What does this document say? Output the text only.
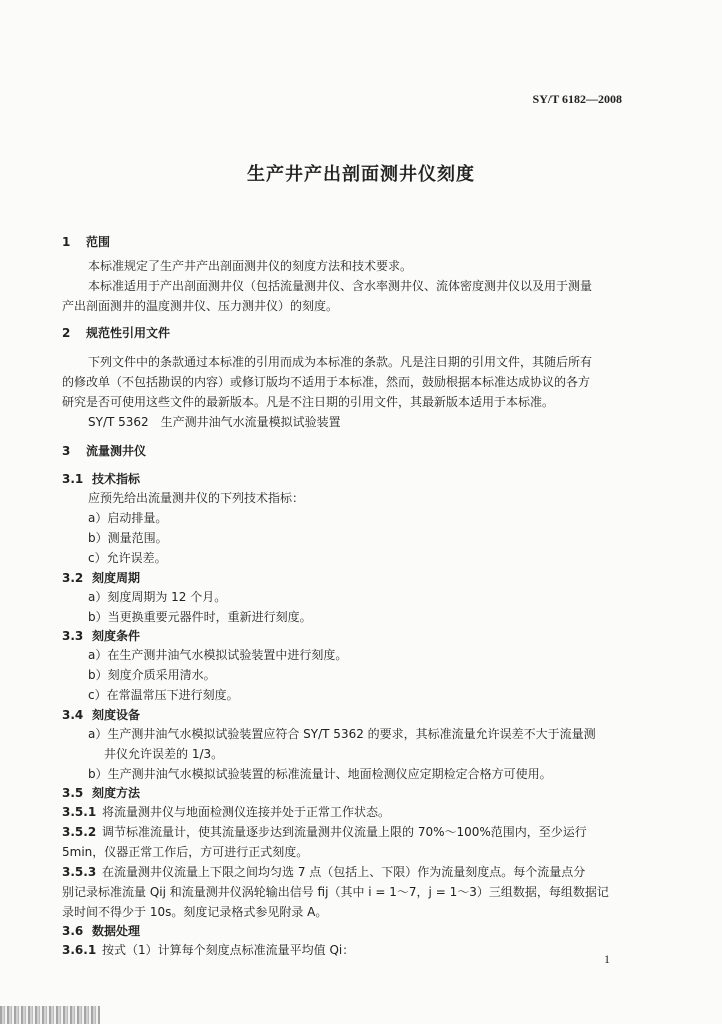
SY/T 6182—2008
生产井产出剖面测井仪刻度
1 范围
本标准规定了生产井产出剖面测井仪的刻度方法和技术要求。
本标准适用于产出剖面测井仪（包括流量测井仪、含水率测井仪、流体密度测井仪以及用于测量
产出剖面测井的温度测井仪、压力测井仪）的刻度。
2 规范性引用文件
下列文件中的条款通过本标准的引用而成为本标准的条款。凡是注日期的引用文件，其随后所有
的修改单（不包括勘误的内容）或修订版均不适用于本标准，然而，鼓励根据本标准达成协议的各方
研究是否可使用这些文件的最新版本。凡是不注日期的引用文件，其最新版本适用于本标准。
SY/T 5362　生产测井油气水流量模拟试验装置
3 流量测井仪
3.1 技术指标
应预先给出流量测井仪的下列技术指标：
a）启动排量。
b）测量范围。
c）允许误差。
3.2 刻度周期
a）刻度周期为 12 个月。
b）当更换重要元器件时，重新进行刻度。
3.3 刻度条件
a）在生产测井油气水模拟试验装置中进行刻度。
b）刻度介质采用清水。
c）在常温常压下进行刻度。
3.4 刻度设备
a）生产测井油气水模拟试验装置应符合 SY/T 5362 的要求，其标准流量允许误差不大于流量测
井仪允许误差的 1/3。
b）生产测井油气水模拟试验装置的标准流量计、地面检测仪应定期检定合格方可使用。
3.5 刻度方法
3.5.1 将流量测井仪与地面检测仪连接并处于正常工作状态。
3.5.2 调节标准流量计，使其流量逐步达到流量测井仪流量上限的 70%～100%范围内，至少运行
5min，仪器正常工作后，方可进行正式刻度。
3.5.3 在流量测井仪流量上下限之间均匀选 7 点（包括上、下限）作为流量刻度点。每个流量点分
别记录标准流量 Qij 和流量测井仪涡轮输出信号 fij（其中 i = 1～7，j = 1～3）三组数据，每组数据记
录时间不得少于 10s。刻度记录格式参见附录 A。
3.6 数据处理
3.6.1 按式（1）计算每个刻度点标准流量平均值 Qi：
1
